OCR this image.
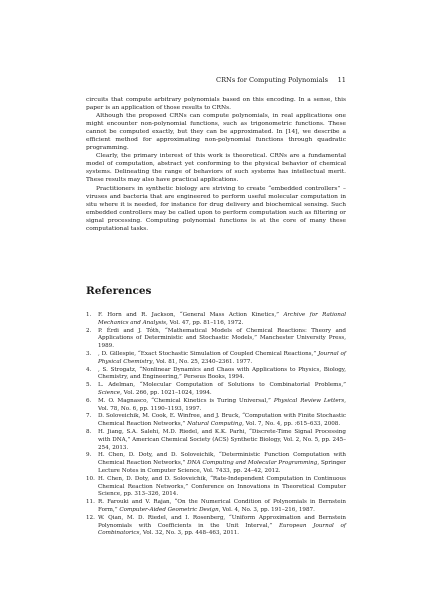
CRNs for Computing Polynomials 11

circuits that compute arbitrary polynomials based on this encoding. In a sense, this paper is an application of those results to CRNs.

Although the proposed CRNs can compute polynomials, in real applications one might encounter non-polynomial functions, such as trigonometric functions. These cannot be computed exactly, but they can be approximated. In [14], we describe a efficient method for approximating non-polynomial functions through quadratic programming.

Clearly, the primary interest of this work is theoretical. CRNs are a fundamental model of computation, abstract yet conforming to the physical behavior of chemical systems. Delineating the range of behaviors of such systems has intellectual merit. These results may also have practical applications.

Practitioners in synthetic biology are striving to create “embedded controllers” – viruses and bacteria that are engineered to perform useful molecular computation in situ where it is needed, for instance for drug delivery and biochemical sensing. Such embedded controllers may be called upon to perform computation such as filtering or signal processing. Computing polynomial functions is at the core of many these computational tasks.

References
1. F. Horn and R. Jackson, “General Mass Action Kinetics,” Archive for Rational Mechanics and Analysis, Vol. 47, pp. 81–116, 1972.
2. P. Érdi and J. Tóth, “Mathematical Models of Chemical Reactions: Theory and Applications of Deterministic and Stochastic Models,” Manchester University Press, 1989.
3. , D. Gillespie, “Exact Stochastic Simulation of Coupled Chemical Reactions,” Journal of Physical Chemistry, Vol. 81, No. 25, 2340–2361. 1977.
4. , S. Strogatz, “Nonlinear Dynamics and Chaos with Applications to Physics, Biology, Chemistry, and Engineering,” Perseus Books, 1994.
5. L. Adelman, “Molecular Computation of Solutions to Combinatorial Problems,” Science, Vol. 266, pp. 1021–1024, 1994.
6. M. O. Magnasco, “Chemical Kinetics is Turing Universal,” Physical Review Letters, Vol. 78, No. 6, pp. 1190–1193, 1997.
7. D. Soloveichik, M. Cook, E. Winfree, and J. Bruck, “Computation with Finite Stochastic Chemical Reaction Networks,” Natural Computing, Vol. 7, No. 4, pp. :615–633, 2008.
8. H. Jiang, S.A. Salehi, M.D. Riedel, and K.K. Parhi, “Discrete-Time Signal Processing with DNA,” American Chemical Society (ACS) Synthetic Biology, Vol. 2, No. 5, pp. 245–254, 2013.
9. H. Chen, D. Doty, and D. Soloveichik, “Deterministic Function Computation with Chemical Reaction Networks,” DNA Computing and Molecular Programming, Springer Lecture Notes in Computer Science, Vol. 7433, pp. 24–42, 2012.
10. H. Chen, D. Doty, and D. Soloveichik, “Rate-Independent Computation in Continuous Chemical Reaction Networks,” Conference on Innovations in Theoretical Computer Science, pp. 313–326, 2014.
11. R. Farouki and V. Rajan, “On the Numerical Condition of Polynomials in Bernstein Form,” Computer-Aided Geometric Design, Vol. 4, No. 3, pp. 191–216, 1987.
12. W. Qian, M. D. Riedel, and I. Rosenberg, “Uniform Approximation and Bernstein Polynomials with Coefficients in the Unit Interval,” European Journal of Combinatorics, Vol. 32, No. 3, pp. 448–463, 2011.
